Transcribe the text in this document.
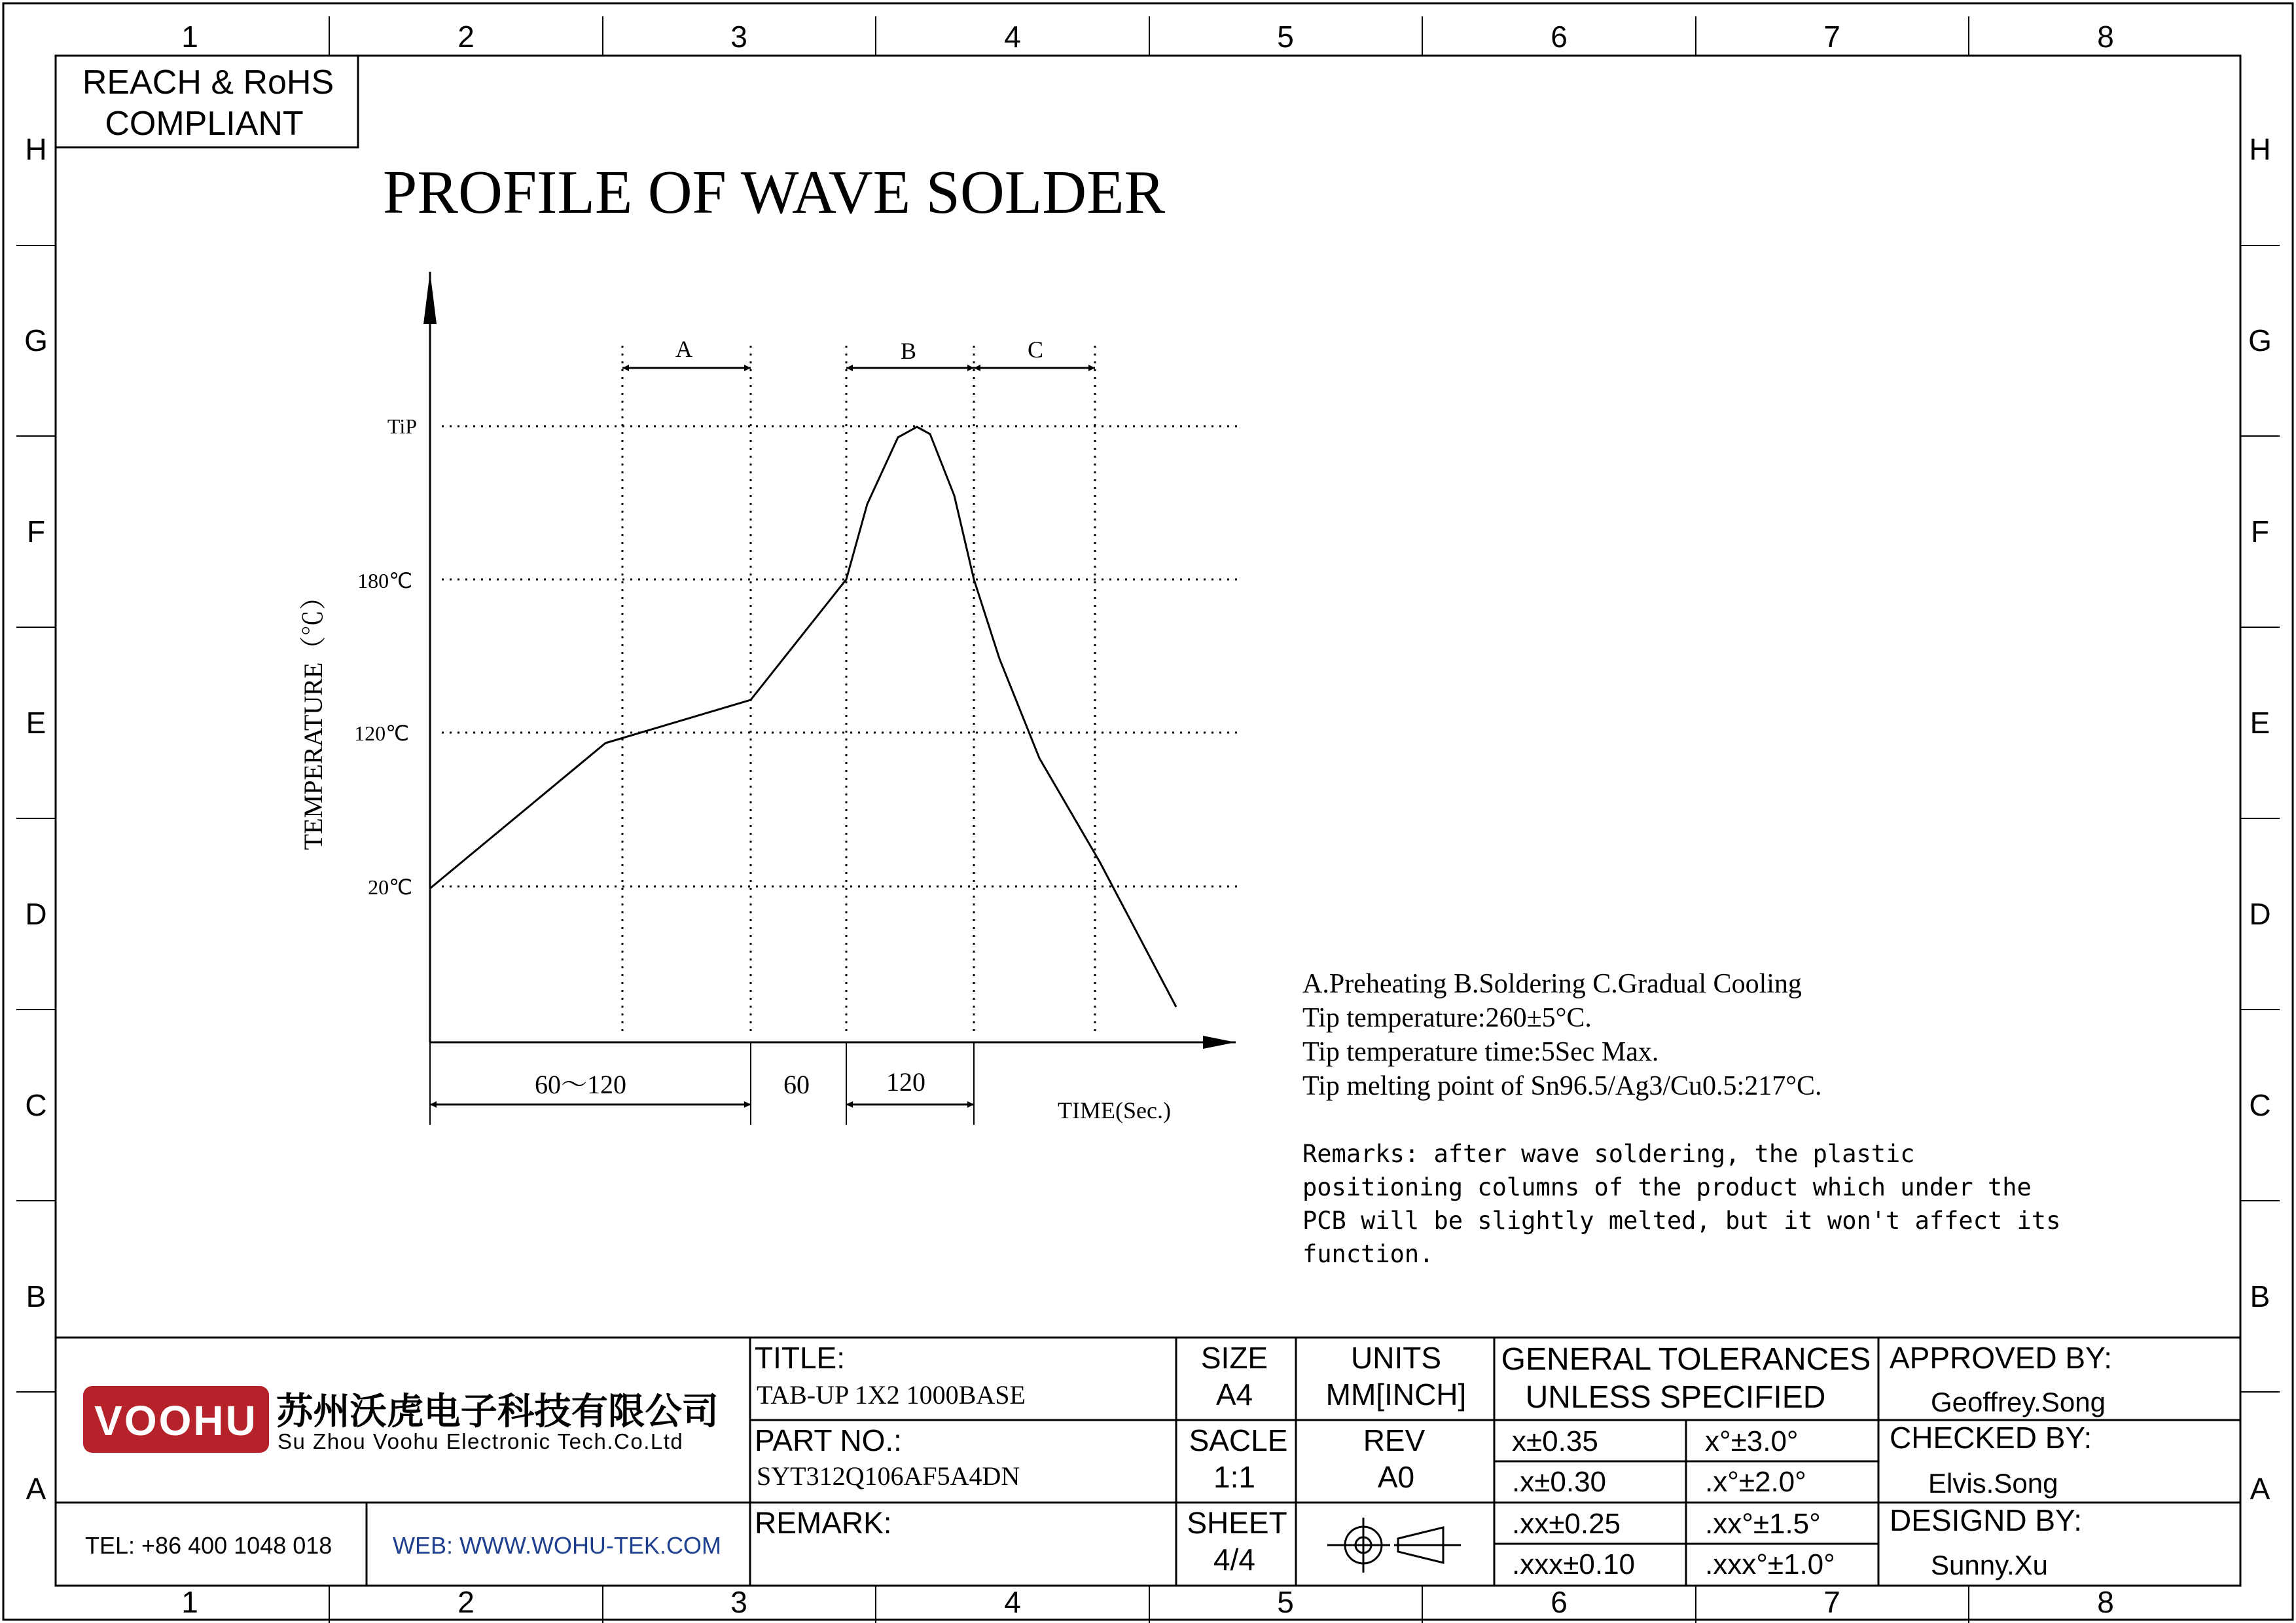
1	2	3	4	5	6	7	8
1	2	3	4	5	6	7	8
H
G
F
E
D
C
B
A
H
G
F
E
D
C
B
A
REACH & RoHS
COMPLIANT
PROFILE OF WAVE SOLDER
A	B	C
TiP
180℃
120℃
20℃
TEMPERATURE（℃）
60～120	60	120
TIME(Sec.)
A.Preheating B.Soldering C.Gradual Cooling
Tip temperature:260±5°C.
Tip temperature time:5Sec Max.
Tip melting point of Sn96.5/Ag3/Cu0.5:217°C.
Remarks: after wave soldering, the plastic
positioning columns of the product which under the
PCB will be slightly melted, but it won't affect its
function.
VOOHU 苏州沃虎电子科技有限公司
Su Zhou Voohu Electronic Tech.Co.Ltd
TEL: +86 400 1048 018	WEB: WWW.WOHU-TEK.COM
TITLE:
TAB-UP 1X2 1000BASE
PART NO.:
SYT312Q106AF5A4DN
REMARK:
SIZE
A4
SACLE
1:1
SHEET
4/4
UNITS
MM[INCH]
REV
A0
GENERAL TOLERANCES
UNLESS SPECIFIED
x±0.35	x°±3.0°
.x±0.30	.x°±2.0°
.xx±0.25	.xx°±1.5°
.xxx±0.10 .xxx°±1.0°
APPROVED BY:
Geoffrey.Song
CHECKED BY:
Elvis.Song
DESIGND BY:
Sunny.Xu
